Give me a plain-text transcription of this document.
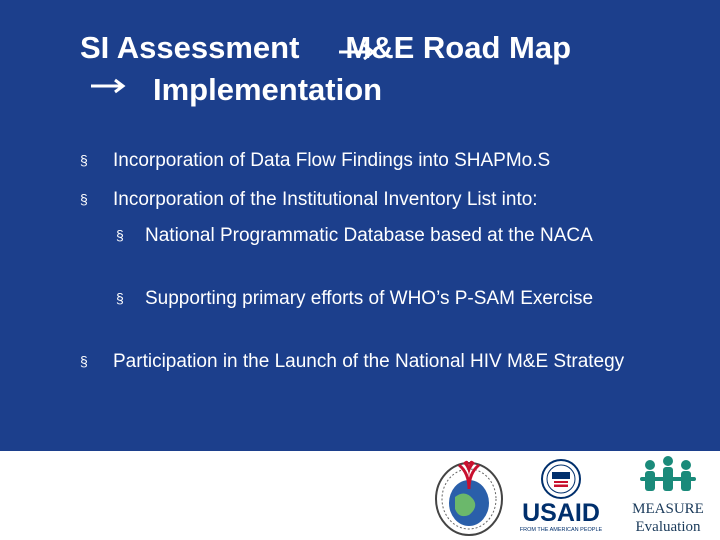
SI Assessment M&E Road Map
Implementation
§ Incorporation of Data Flow Findings into SHAPMo.S
§ Incorporation of the Institutional Inventory List into:
§ National Programmatic Database based at the NACA
§ Supporting primary efforts of WHO’s P-SAM Exercise
§ Participation in the Launch of the National HIV M&E Strategy
USAID
FROM THE AMERICAN PEOPLE
MEASURE
Evaluation
